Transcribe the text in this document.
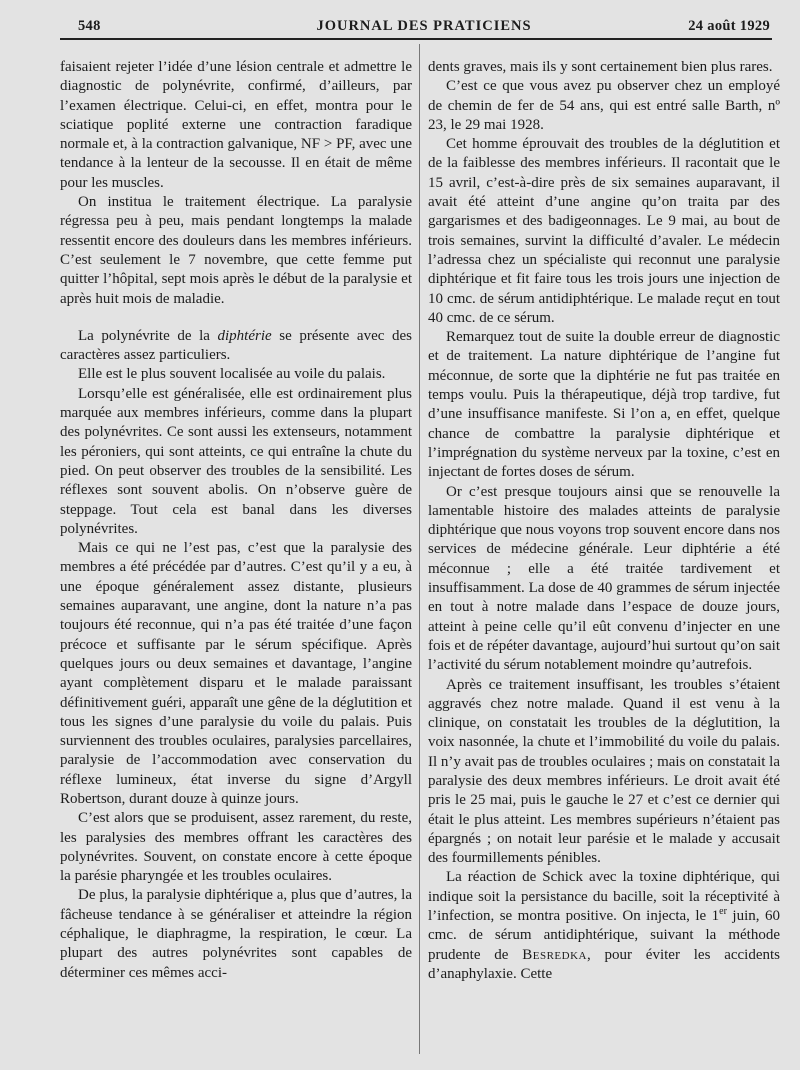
548	JOURNAL DES PRATICIENS	24 août 1929

faisaient rejeter l’idée d’une lésion centrale et admettre le diagnostic de polynévrite, confirmé, d’ailleurs, par l’examen électrique. Celui-ci, en effet, montra pour le sciatique poplité externe une contraction faradique normale et, à la contraction galvanique, NF > PF, avec une tendance à la lenteur de la secousse. Il en était de même pour les muscles.

On institua le traitement électrique. La paralysie régressa peu à peu, mais pendant longtemps la malade ressentit encore des douleurs dans les membres inférieurs. C’est seulement le 7 novembre, que cette femme put quitter l’hôpital, sept mois après le début de la paralysie et après huit mois de maladie.

La polynévrite de la diphtérie se présente avec des caractères assez particuliers.

Elle est le plus souvent localisée au voile du palais.

Lorsqu’elle est généralisée, elle est ordinairement plus marquée aux membres inférieurs, comme dans la plupart des polynévrites. Ce sont aussi les extenseurs, notamment les péroniers, qui sont atteints, ce qui entraîne la chute du pied. On peut observer des troubles de la sensibilité. Les réflexes sont souvent abolis. On n’observe guère de steppage. Tout cela est banal dans les diverses polynévrites.

Mais ce qui ne l’est pas, c’est que la paralysie des membres a été précédée par d’autres. C’est qu’il y a eu, à une époque généralement assez distante, plusieurs semaines auparavant, une angine, dont la nature n’a pas toujours été reconnue, qui n’a pas été traitée d’une façon précoce et suffisante par le sérum spécifique. Après quelques jours ou deux semaines et davantage, l’angine ayant complètement disparu et le malade paraissant définitivement guéri, apparaît une gêne de la déglutition et tous les signes d’une paralysie du voile du palais. Puis surviennent des troubles oculaires, paralysies parcellaires, paralysie de l’accommodation avec conservation du réflexe lumineux, état inverse du signe d’Argyll Robertson, durant douze à quinze jours.

C’est alors que se produisent, assez rarement, du reste, les paralysies des membres offrant les caractères des polynévrites. Souvent, on constate encore à cette époque la parésie pharyngée et les troubles oculaires.

De plus, la paralysie diphtérique a, plus que d’autres, la fâcheuse tendance à se généraliser et atteindre la région céphalique, le diaphragme, la respiration, le cœur. La plupart des autres polynévrites sont capables de déterminer ces mêmes acci-

dents graves, mais ils y sont certainement bien plus rares.

C’est ce que vous avez pu observer chez un employé de chemin de fer de 54 ans, qui est entré salle Barth, nº 23, le 29 mai 1928.

Cet homme éprouvait des troubles de la déglutition et de la faiblesse des membres inférieurs. Il racontait que le 15 avril, c’est-à-dire près de six semaines auparavant, il avait été atteint d’une angine qu’on traita par des gargarismes et des badigeonnages. Le 9 mai, au bout de trois semaines, survint la difficulté d’avaler. Le médecin l’adressa chez un spécialiste qui reconnut une paralysie diphtérique et fit faire tous les trois jours une injection de 10 cmc. de sérum antidiphtérique. Le malade reçut en tout 40 cmc. de ce sérum.

Remarquez tout de suite la double erreur de diagnostic et de traitement. La nature diphtérique de l’angine fut méconnue, de sorte que la diphtérie ne fut pas traitée en temps voulu. Puis la thérapeutique, déjà trop tardive, fut d’une insuffisance manifeste. Si l’on a, en effet, quelque chance de combattre la paralysie diphtérique et l’imprégnation du système nerveux par la toxine, c’est en injectant de fortes doses de sérum.

Or c’est presque toujours ainsi que se renouvelle la lamentable histoire des malades atteints de paralysie diphtérique que nous voyons trop souvent encore dans nos services de médecine générale. Leur diphtérie a été méconnue ; elle a été traitée tardivement et insuffisamment. La dose de 40 grammes de sérum injectée en tout à notre malade dans l’espace de douze jours, atteint à peine celle qu’il eût convenu d’injecter en une fois et de répéter davantage, aujourd’hui surtout qu’on sait l’activité du sérum notablement moindre qu’autrefois.

Après ce traitement insuffisant, les troubles s’étaient aggravés chez notre malade. Quand il est venu à la clinique, on constatait les troubles de la déglutition, la voix nasonnée, la chute et l’immobilité du voile du palais. Il n’y avait pas de troubles oculaires ; mais on constatait la paralysie des deux membres inférieurs. Le droit avait été pris le 25 mai, puis le gauche le 27 et c’est ce dernier qui était le plus atteint. Les membres supérieurs n’étaient pas épargnés ; on notait leur parésie et le malade y accusait des fourmillements pénibles.

La réaction de Schick avec la toxine diphtérique, qui indique soit la persistance du bacille, soit la réceptivité à l’infection, se montra positive. On injecta, le 1er juin, 60 cmc. de sérum antidiphtérique, suivant la méthode prudente de Besredka, pour éviter les accidents d’anaphylaxie. Cette
